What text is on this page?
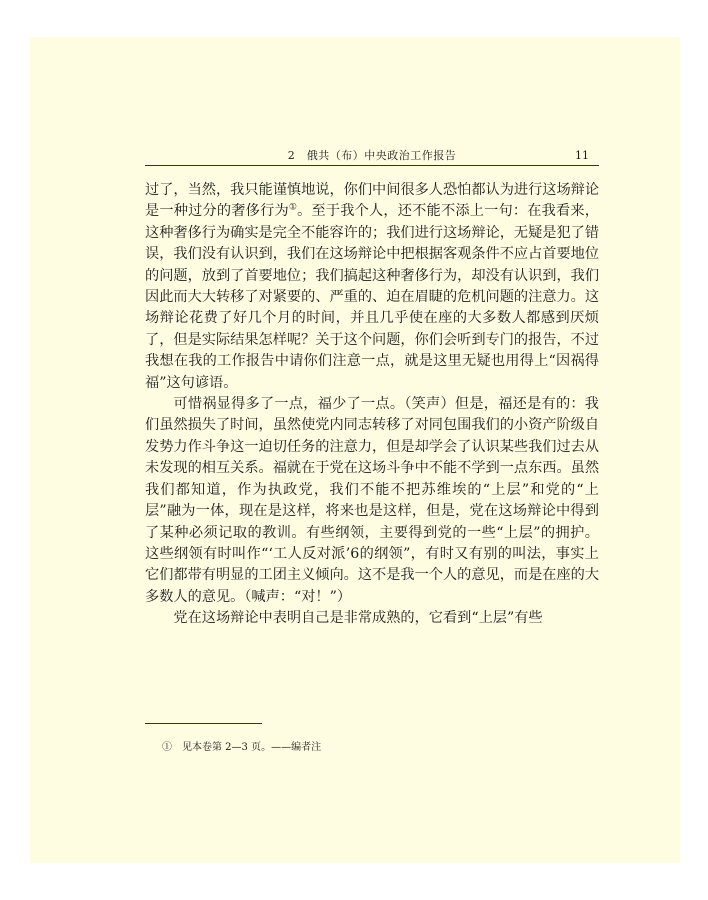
2　俄共（布）中央政治工作报告	11

过了，当然，我只能谨慎地说，你们中间很多人恐怕都认为进行这场辩论是一种过分的奢侈行为①。至于我个人，还不能不添上一句：在我看来，这种奢侈行为确实是完全不能容许的；我们进行这场辩论，无疑是犯了错误，我们没有认识到，我们在这场辩论中把根据客观条件不应占首要地位的问题，放到了首要地位；我们搞起这种奢侈行为，却没有认识到，我们因此而大大转移了对紧要的、严重的、迫在眉睫的危机问题的注意力。这场辩论花费了好几个月的时间，并且几乎使在座的大多数人都感到厌烦了，但是实际结果怎样呢？关于这个问题，你们会听到专门的报告，不过我想在我的工作报告中请你们注意一点，就是这里无疑也用得上“因祸得福”这句谚语。

可惜祸显得多了一点，福少了一点。（笑声）但是，福还是有的：我们虽然损失了时间，虽然使党内同志转移了对同包围我们的小资产阶级自发势力作斗争这一迫切任务的注意力，但是却学会了认识某些我们过去从未发现的相互关系。福就在于党在这场斗争中不能不学到一点东西。虽然我们都知道，作为执政党，我们不能不把苏维埃的“上层”和党的“上层”融为一体，现在是这样，将来也是这样，但是，党在这场辩论中得到了某种必须记取的教训。有些纲领，主要得到党的一些“上层”的拥护。这些纲领有时叫作“‘工人反对派’6的纲领”，有时又有别的叫法，事实上它们都带有明显的工团主义倾向。这不是我一个人的意见，而是在座的大多数人的意见。（喊声：“对！”）

党在这场辩论中表明自己是非常成熟的，它看到“上层”有些

①　见本卷第 2—3 页。——编者注
